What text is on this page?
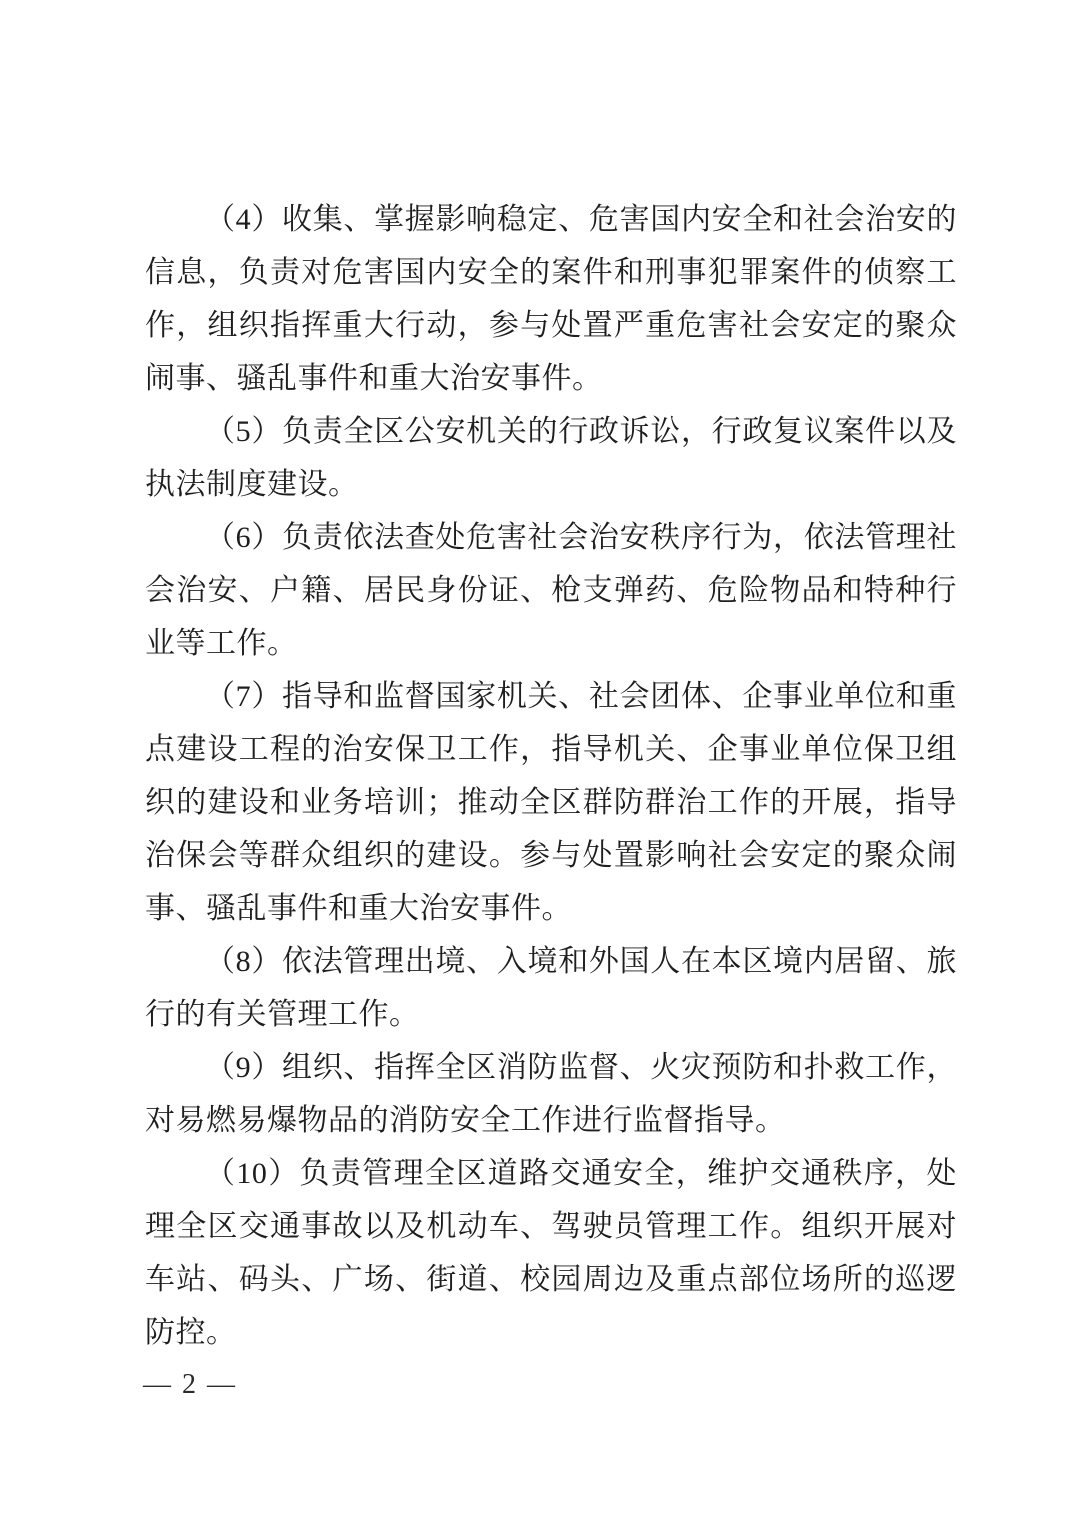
（4）收集、掌握影响稳定、危害国内安全和社会治安的信息，负责对危害国内安全的案件和刑事犯罪案件的侦察工作，组织指挥重大行动，参与处置严重危害社会安定的聚众闹事、骚乱事件和重大治安事件。

（5）负责全区公安机关的行政诉讼，行政复议案件以及执法制度建设。

（6）负责依法查处危害社会治安秩序行为，依法管理社会治安、户籍、居民身份证、枪支弹药、危险物品和特种行业等工作。

（7）指导和监督国家机关、社会团体、企事业单位和重点建设工程的治安保卫工作，指导机关、企事业单位保卫组织的建设和业务培训；推动全区群防群治工作的开展，指导治保会等群众组织的建设。参与处置影响社会安定的聚众闹事、骚乱事件和重大治安事件。

（8）依法管理出境、入境和外国人在本区境内居留、旅行的有关管理工作。

（9）组织、指挥全区消防监督、火灾预防和扑救工作，对易燃易爆物品的消防安全工作进行监督指导。

（10）负责管理全区道路交通安全，维护交通秩序，处理全区交通事故以及机动车、驾驶员管理工作。组织开展对车站、码头、广场、街道、校园周边及重点部位场所的巡逻防控。

— 2 —
